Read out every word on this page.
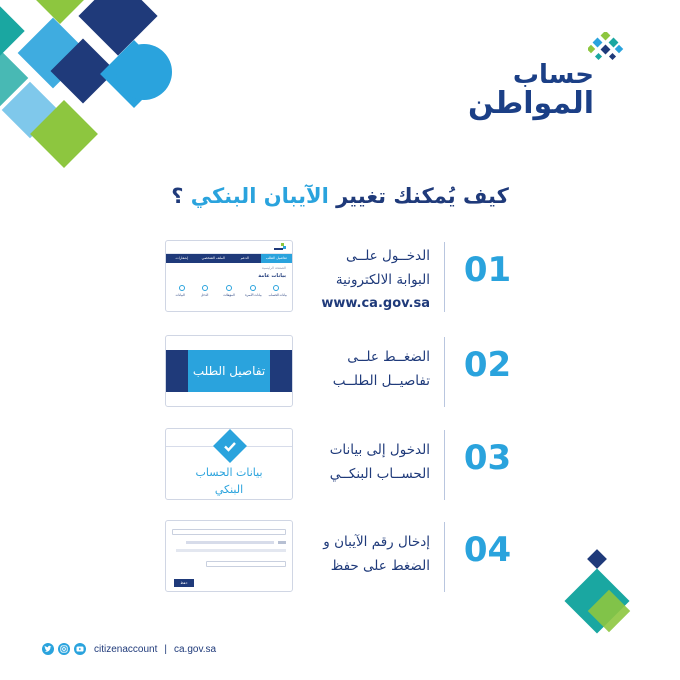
حساب
المواطن
كيف يُمكنك تغيير الآيبان البنكي ؟
01
الدخــول علــى
البوابة الالكترونية
www.ca.gov.sa
تفاصيل الطلب
الدعم
الملف الشخصي
إشعارات
الصفحة الرئيسية
بيانات عامة
البيانات	الدخل	المؤهلات	بيانات الأسرة	بيانات الحساب
02
الضغــط علــى
تفاصيــل الطلــب
تفاصيل الطلب
03
الدخول إلى بيانات
الحســاب البنكــي
بيانات الحساب
البنكي
04
إدخال رقم الآيبان و
الضغط على حفظ
حفظ
citizenaccount | ca.gov.sa
